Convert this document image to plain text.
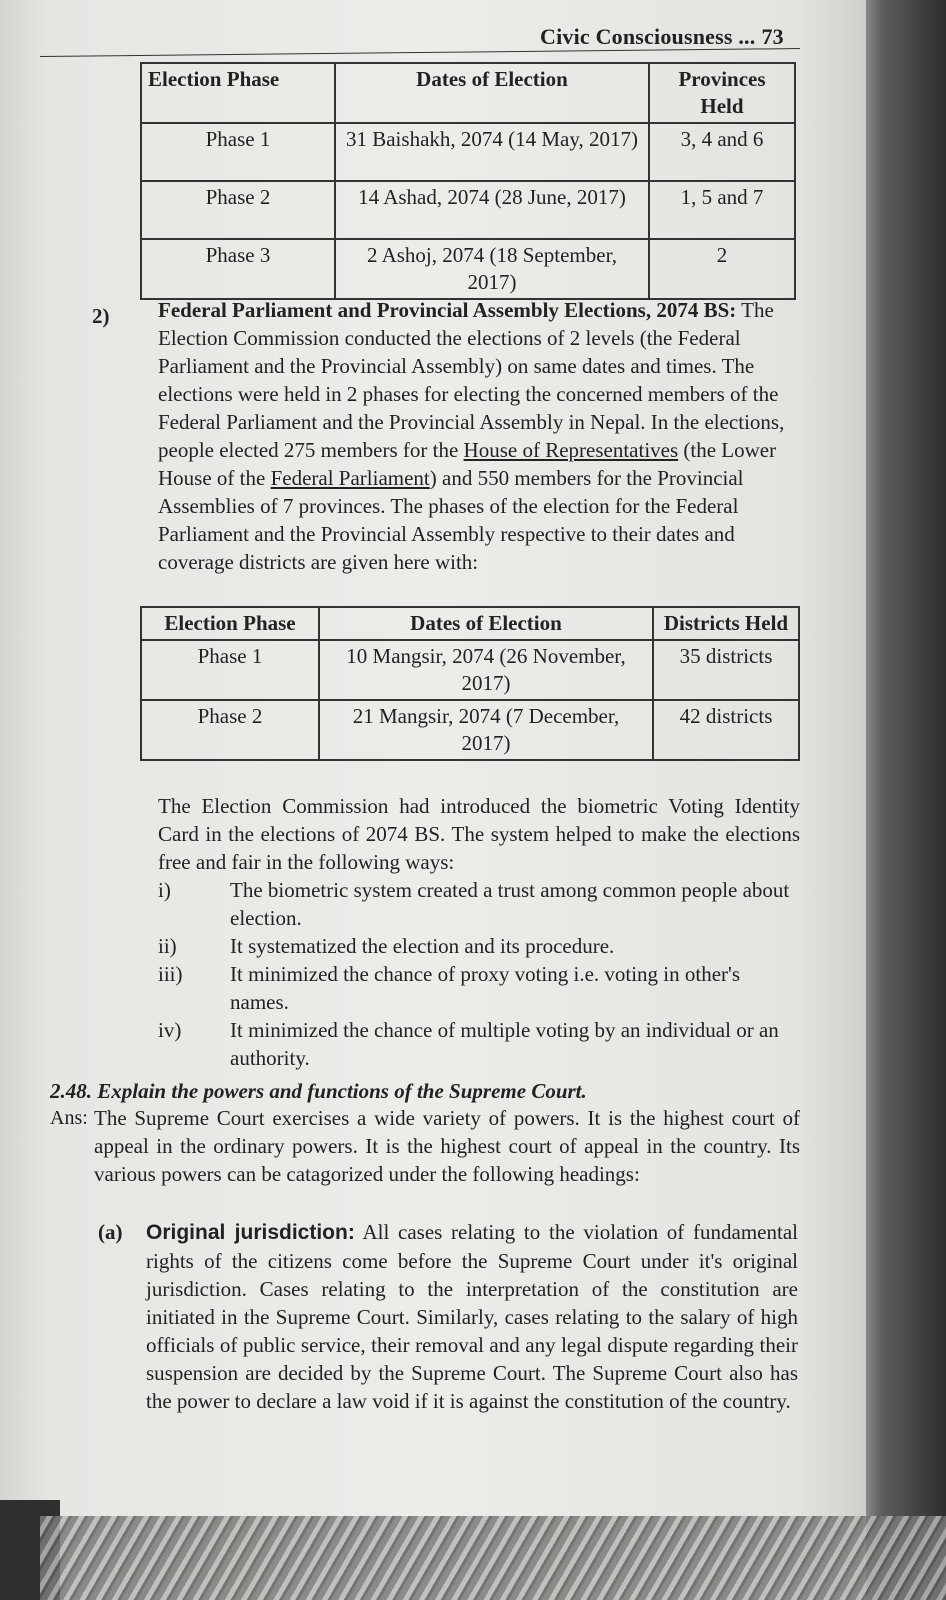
Civic Consciousness ... 73
Election Phase	Dates of Election	Provinces Held
Phase 1	31 Baishakh, 2074 (14 May, 2017)	3, 4 and 6
Phase 2	14 Ashad, 2074 (28 June, 2017)	1, 5 and 7
Phase 3	2 Ashoj, 2074 (18 September, 2017)	2
2) Federal Parliament and Provincial Assembly Elections, 2074 BS: The Election Commission conducted the elections of 2 levels (the Federal Parliament and the Provincial Assembly) on same dates and times. The elections were held in 2 phases for electing the concerned members of the Federal Parliament and the Provincial Assembly in Nepal. In the elections, people elected 275 members for the House of Representatives (the Lower House of the Federal Parliament) and 550 members for the Provincial Assemblies of 7 provinces. The phases of the election for the Federal Parliament and the Provincial Assembly respective to their dates and coverage districts are given here with:
Election Phase	Dates of Election	Districts Held
Phase 1	10 Mangsir, 2074 (26 November, 2017)	35 districts
Phase 2	21 Mangsir, 2074 (7 December, 2017)	42 districts
The Election Commission had introduced the biometric Voting Identity Card in the elections of 2074 BS. The system helped to make the elections free and fair in the following ways:
i)	The biometric system created a trust among common people about election.
ii)	It systematized the election and its procedure.
iii) It minimized the chance of proxy voting i.e. voting in other's names.
iv) It minimized the chance of multiple voting by an individual or an authority.
2.48. Explain the powers and functions of the Supreme Court.
Ans: The Supreme Court exercises a wide variety of powers. It is the highest court of appeal in the ordinary powers. It is the highest court of appeal in the country. Its various powers can be catagorized under the following headings:
(a) Original jurisdiction: All cases relating to the violation of fundamental rights of the citizens come before the Supreme Court under it's original jurisdiction. Cases relating to the interpretation of the constitution are initiated in the Supreme Court. Similarly, cases relating to the salary of high officials of public service, their removal and any legal dispute regarding their suspension are decided by the Supreme Court. The Supreme Court also has the power to declare a law void if it is against the constitution of the country.
